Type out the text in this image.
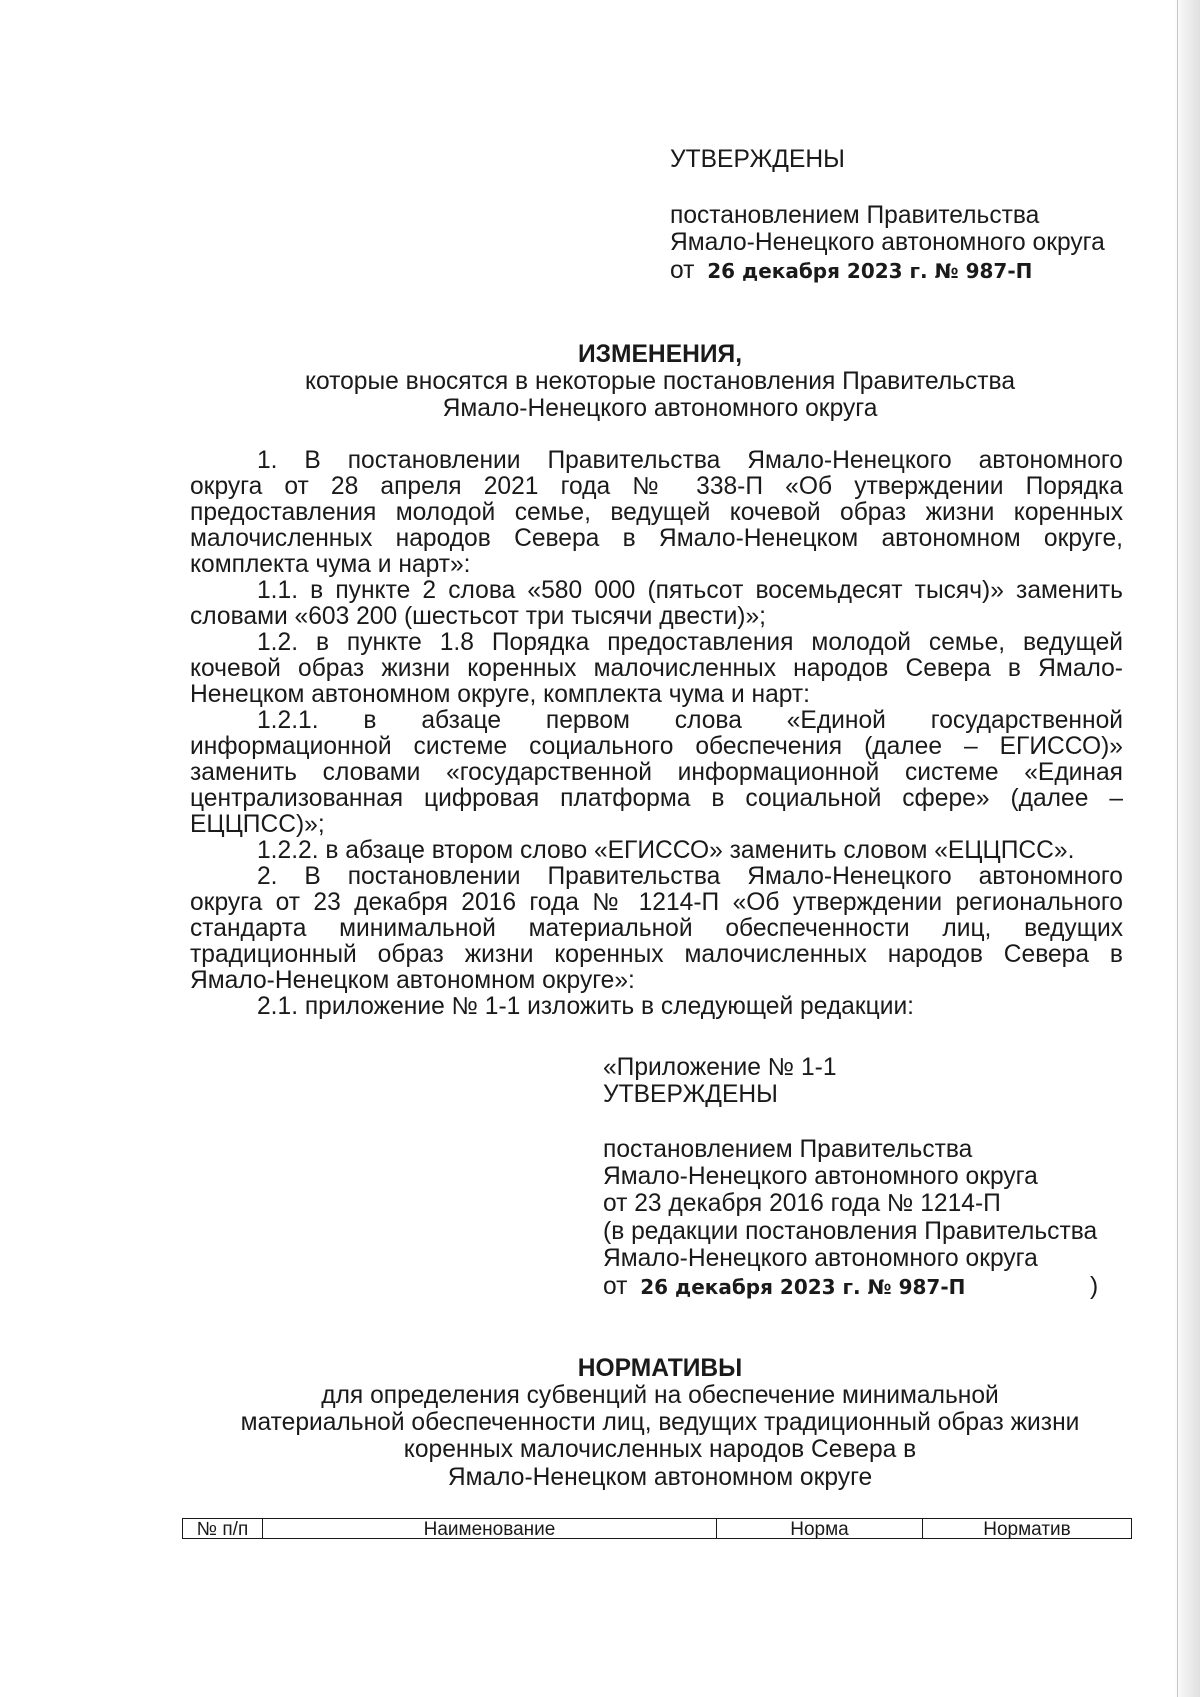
УТВЕРЖДЕНЫ
постановлением Правительства
Ямало-Ненецкого автономного округа
от 26 декабря 2023 г. № 987-П
ИЗМЕНЕНИЯ,
которые вносятся в некоторые постановления Правительства
Ямало-Ненецкого автономного округа
1. В постановлении Правительства Ямало-Ненецкого автономного
округа от 28 апреля 2021 года № 338-П «Об утверждении Порядка
предоставления молодой семье, ведущей кочевой образ жизни коренных
малочисленных народов Севера в Ямало-Ненецком автономном округе,
комплекта чума и нарт»:
1.1. в пункте 2 слова «580 000 (пятьсот восемьдесят тысяч)» заменить
словами «603 200 (шестьсот три тысячи двести)»;
1.2. в пункте 1.8 Порядка предоставления молодой семье, ведущей
кочевой образ жизни коренных малочисленных народов Севера в Ямало-
Ненецком автономном округе, комплекта чума и нарт:
1.2.1. в абзаце первом слова «Единой государственной
информационной системе социального обеспечения (далее – ЕГИССО)»
заменить словами «государственной информационной системе «Единая
централизованная цифровая платформа в социальной сфере» (далее –
ЕЦЦПСС)»;
1.2.2. в абзаце втором слово «ЕГИССО» заменить словом «ЕЦЦПСС».
2. В постановлении Правительства Ямало-Ненецкого автономного
округа от 23 декабря 2016 года № 1214-П «Об утверждении регионального
стандарта минимальной материальной обеспеченности лиц, ведущих
традиционный образ жизни коренных малочисленных народов Севера в
Ямало-Ненецком автономном округе»:
2.1. приложение № 1-1 изложить в следующей редакции:
«Приложение № 1-1
УТВЕРЖДЕНЫ
постановлением Правительства
Ямало-Ненецкого автономного округа
от 23 декабря 2016 года № 1214-П
(в редакции постановления Правительства
Ямало-Ненецкого автономного округа
от 26 декабря 2023 г. № 987-П	)
НОРМАТИВЫ
для определения субвенций на обеспечение минимальной
материальной обеспеченности лиц, ведущих традиционный образ жизни
коренных малочисленных народов Севера в
Ямало-Ненецком автономном округе
№ п/п	Наименование	Норма	Норматив
